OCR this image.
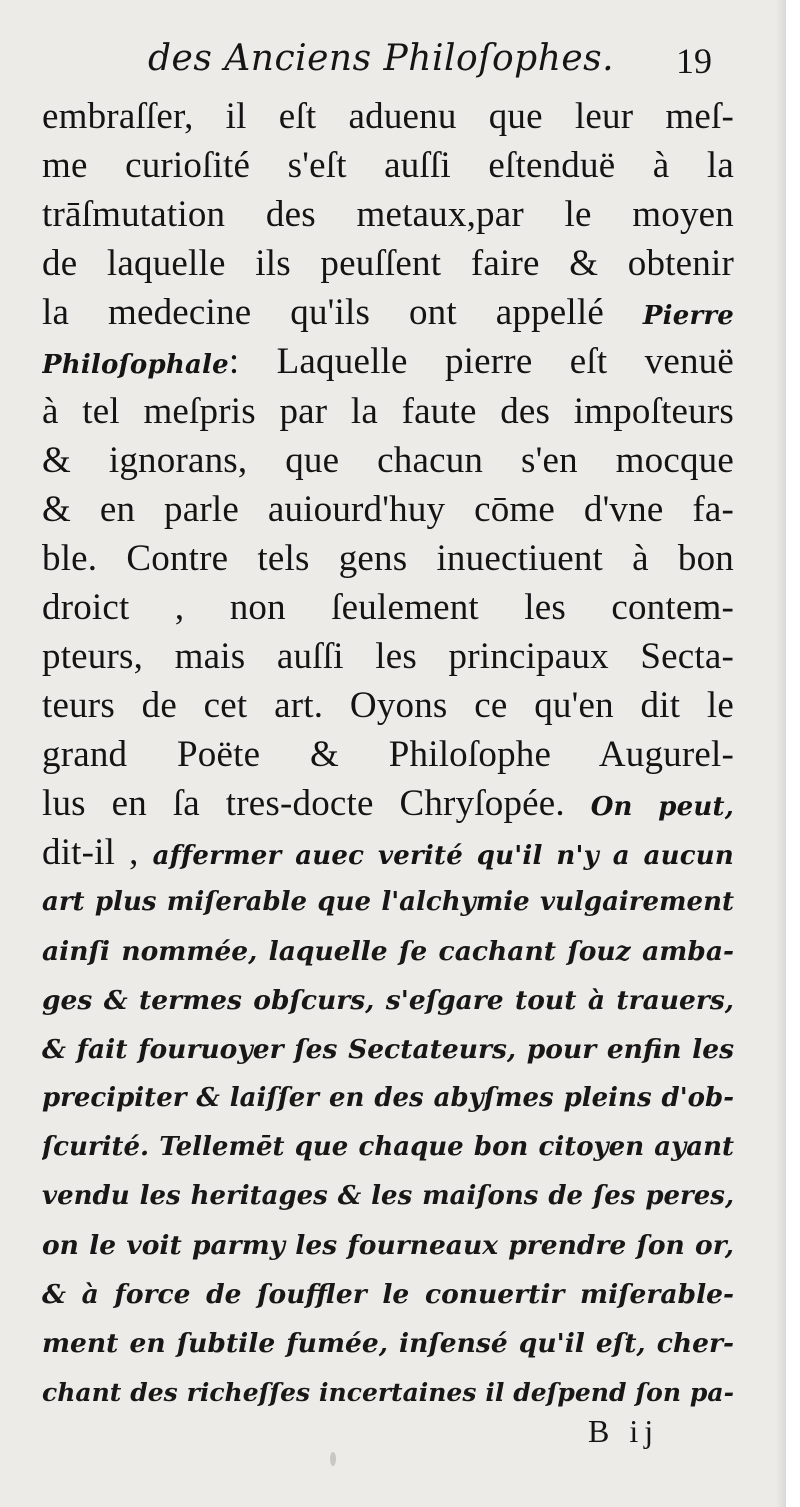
des Anciens Philoſophes. 19
embraſſer, il eſt aduenu que leur meſ-
me curioſité s'eſt auſſi eſtenduë à la
trāſmutation des metaux,par le moyen
de laquelle ils peuſſent faire & obtenir
la medecine qu'ils ont appellé Pierre
Philoſophale: Laquelle pierre eſt venuë
à tel meſpris par la faute des impoſteurs
& ignorans, que chacun s'en mocque
& en parle auiourd'huy cōme d'vne fa-
ble. Contre tels gens inuectiuent à bon
droict , non ſeulement les contem-
pteurs, mais auſſi les principaux Secta-
teurs de cet art. Oyons ce qu'en dit le
grand Poëte & Philoſophe Augurel-
lus en ſa tres-docte Chryſopée. On peut,
dit-il , affermer auec verité qu'il n'y a aucun
art plus miſerable que l'alchymie vulgairement
ainſi nommée, laquelle ſe cachant ſouz amba-
ges & termes obſcurs, s'eſgare tout à trauers,
& fait fouruoyer ſes Sectateurs, pour enfin les
precipiter & laiſſer en des abyſmes pleins d'ob-
ſcurité. Tellemēt que chaque bon citoyen ayant
vendu les heritages & les maiſons de ſes peres,
on le voit parmy les fourneaux prendre ſon or,
& à force de ſouffler le conuertir miſerable-
ment en ſubtile fumée, inſensé qu'il eſt, cher-
chant des richeſſes incertaines il deſpend ſon pa-
B ij
